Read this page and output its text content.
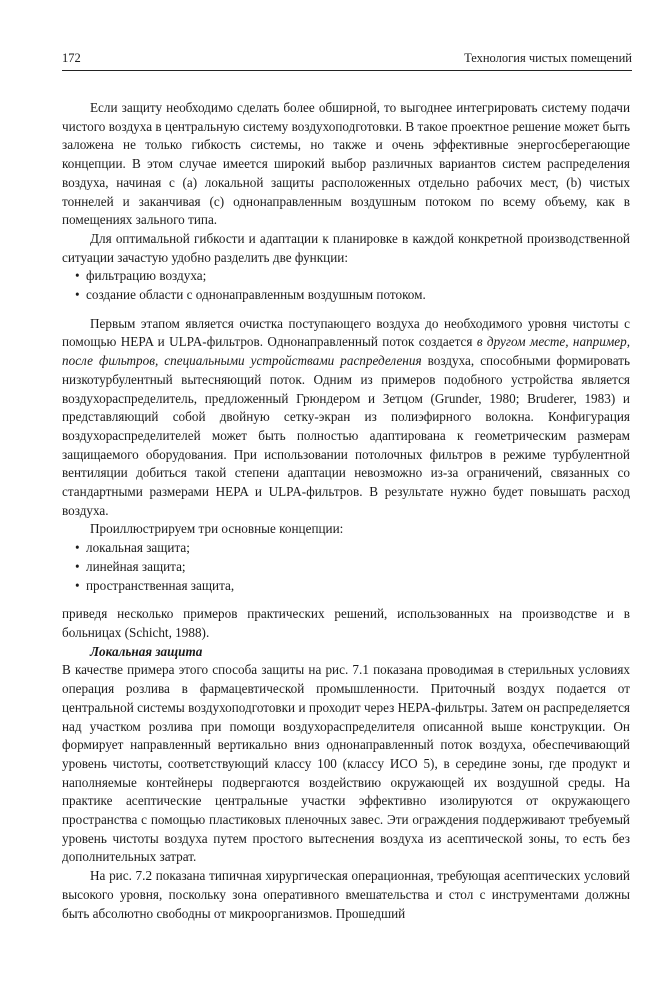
172	Технология чистых помещений

Если защиту необходимо сделать более обширной, то выгоднее интегрировать систему подачи чистого воздуха в центральную систему воздухоподготовки. В такое проектное решение может быть заложена не только гибкость системы, но также и очень эффективные энергосберегающие концепции. В этом случае имеется широкий выбор различных вариантов систем распределения воздуха, начиная с (a) локальной защиты расположенных отдельно рабочих мест, (b) чистых тоннелей и заканчивая (c) однонаправленным воздушным потоком по всему объему, как в помещениях зального типа.

Для оптимальной гибкости и адаптации к планировке в каждой конкретной производственной ситуации зачастую удобно разделить две функции:

• фильтрацию воздуха;
• создание области с однонаправленным воздушным потоком.

Первым этапом является очистка поступающего воздуха до необходимого уровня чистоты с помощью HEPA и ULPA-фильтров. Однонаправленный поток создается в другом месте, например, после фильтров, специальными устройствами распределения воздуха, способными формировать низкотурбулентный вытесняющий поток. Одним из примеров подобного устройства является воздухораспределитель, предложенный Грюндером и Зетцом (Grunder, 1980; Bruderer, 1983) и представляющий собой двойную сетку-экран из полиэфирного волокна. Конфигурация воздухораспределителей может быть полностью адаптирована к геометрическим размерам защищаемого оборудования. При использовании потолочных фильтров в режиме турбулентной вентиляции добиться такой степени адаптации невозможно из-за ограничений, связанных со стандартными размерами HEPA и ULPA-фильтров. В результате нужно будет повышать расход воздуха.

Проиллюстрируем три основные концепции:

• локальная защита;
• линейная защита;
• пространственная защита,

приведя несколько примеров практических решений, использованных на производстве и в больницах (Schicht, 1988).

Локальная защита

В качестве примера этого способа защиты на рис. 7.1 показана проводимая в стерильных условиях операция розлива в фармацевтической промышленности. Приточный воздух подается от центральной системы воздухоподготовки и проходит через HEPA-фильтры. Затем он распределяется над участком розлива при помощи воздухораспределителя описанной выше конструкции. Он формирует направленный вертикально вниз однонаправленный поток воздуха, обеспечивающий уровень чистоты, соответствующий классу 100 (классу ИСО 5), в середине зоны, где продукт и наполняемые контейнеры подвергаются воздействию окружающей их воздушной среды. На практике асептические центральные участки эффективно изолируются от окружающего пространства с помощью пластиковых пленочных завес. Эти ограждения поддерживают требуемый уровень чистоты воздуха путем простого вытеснения воздуха из асептической зоны, то есть без дополнительных затрат.

На рис. 7.2 показана типичная хирургическая операционная, требующая асептических условий высокого уровня, поскольку зона оперативного вмешательства и стол с инструментами должны быть абсолютно свободны от микроорганизмов. Прошедший
